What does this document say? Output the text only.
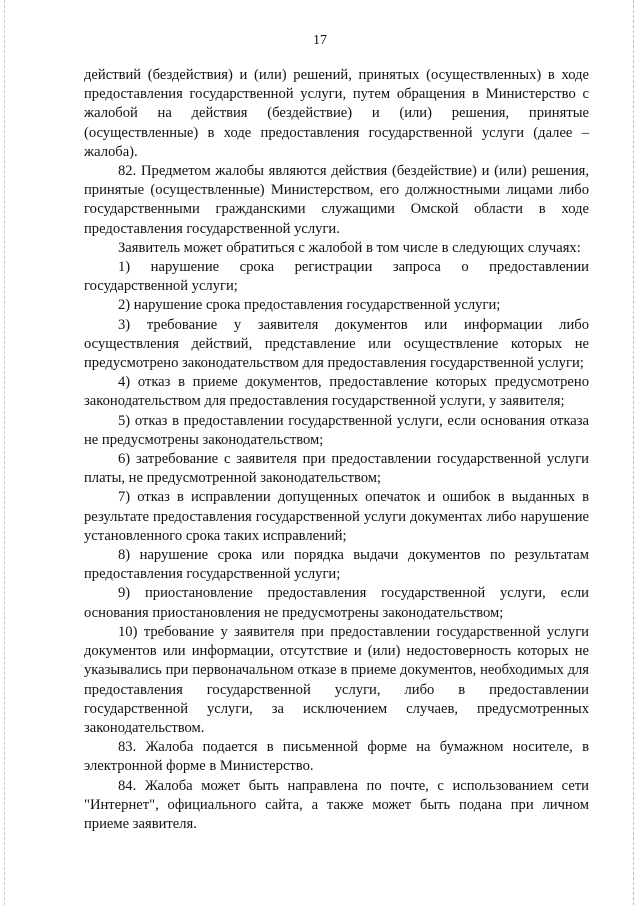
17

действий (бездействия) и (или) решений, принятых (осуществленных) в ходе предоставления государственной услуги, путем обращения в Министерство с жалобой на действия (бездействие) и (или) решения, принятые (осуществленные) в ходе предоставления государственной услуги (далее – жалоба).

82. Предметом жалобы являются действия (бездействие) и (или) решения, принятые (осуществленные) Министерством, его должностными лицами либо государственными гражданскими служащими Омской области в ходе предоставления государственной услуги.

Заявитель может обратиться с жалобой в том числе в следующих случаях:

1) нарушение срока регистрации запроса о предоставлении государственной услуги;

2) нарушение срока предоставления государственной услуги;

3) требование у заявителя документов или информации либо осуществления действий, представление или осуществление которых не предусмотрено законодательством для предоставления государственной услуги;

4) отказ в приеме документов, предоставление которых предусмотрено законодательством для предоставления государственной услуги, у заявителя;

5) отказ в предоставлении государственной услуги, если основания отказа не предусмотрены законодательством;

6) затребование с заявителя при предоставлении государственной услуги платы, не предусмотренной законодательством;

7) отказ в исправлении допущенных опечаток и ошибок в выданных в результате предоставления государственной услуги документах либо нарушение установленного срока таких исправлений;

8) нарушение срока или порядка выдачи документов по результатам предоставления государственной услуги;

9) приостановление предоставления государственной услуги, если основания приостановления не предусмотрены законодательством;

10) требование у заявителя при предоставлении государственной услуги документов или информации, отсутствие и (или) недостоверность которых не указывались при первоначальном отказе в приеме документов, необходимых для предоставления государственной услуги, либо в предоставлении государственной услуги, за исключением случаев, предусмотренных законодательством.

83. Жалоба подается в письменной форме на бумажном носителе, в электронной форме в Министерство.

84. Жалоба может быть направлена по почте, с использованием сети "Интернет", официального сайта, а также может быть подана при личном приеме заявителя.
